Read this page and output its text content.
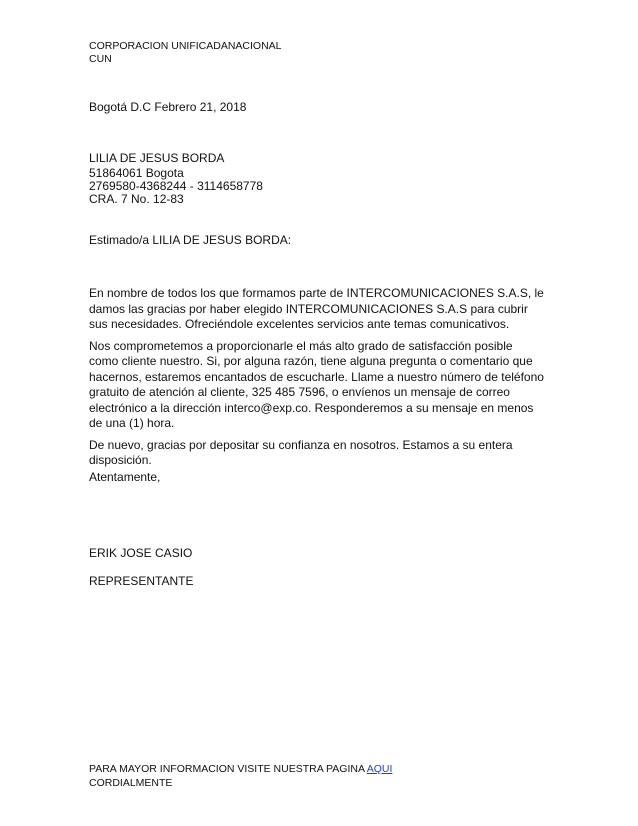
CORPORACION UNIFICADANACIONAL
CUN
Bogotá D.C Febrero 21, 2018
LILIA DE JESUS BORDA
51864061 Bogota
2769580-4368244 - 3114658778
CRA. 7 No. 12-83
Estimado/a LILIA DE JESUS BORDA:

En nombre de todos los que formamos parte de INTERCOMUNICACIONES S.A.S, le damos las gracias por haber elegido INTERCOMUNICACIONES S.A.S para cubrir sus necesidades. Ofreciéndole excelentes servicios ante temas comunicativos.

Nos comprometemos a proporcionarle el más alto grado de satisfacción posible como cliente nuestro. Si, por alguna razón, tiene alguna pregunta o comentario que hacernos, estaremos encantados de escucharle. Llame a nuestro número de teléfono gratuito de atención al cliente, 325 485 7596, o envíenos un mensaje de correo electrónico a la dirección interco@exp.co. Responderemos a su mensaje en menos de una (1) hora.

De nuevo, gracias por depositar su confianza en nosotros. Estamos a su entera disposición.

Atentamente,
ERIK JOSE CASIO
REPRESENTANTE
PARA MAYOR INFORMACION VISITE NUESTRA PAGINA AQUI
CORDIALMENTE
